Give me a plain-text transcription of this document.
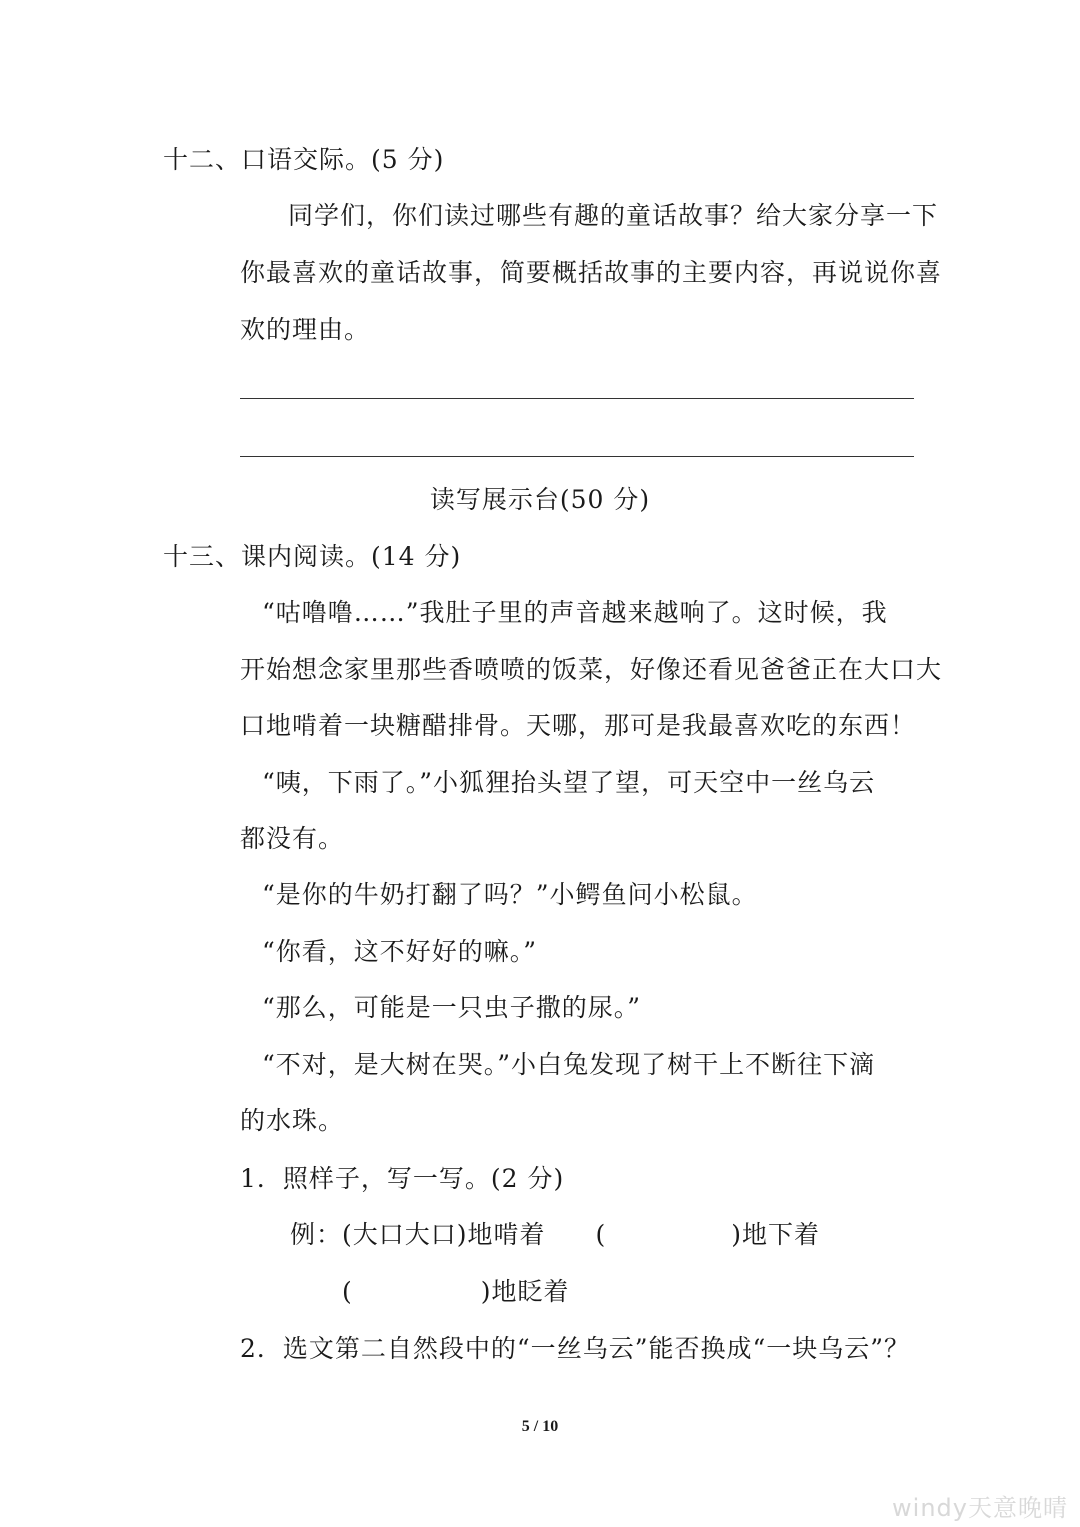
十二、口语交际。(5 分)
同学们，你们读过哪些有趣的童话故事？给大家分享一下
你最喜欢的童话故事，简要概括故事的主要内容，再说说你喜
欢的理由。
读写展示台(50 分)
十三、课内阅读。(14 分)
“咕噜噜……”我肚子里的声音越来越响了。这时候，我
开始想念家里那些香喷喷的饭菜，好像还看见爸爸正在大口大
口地啃着一块糖醋排骨。天哪，那可是我最喜欢吃的东西！
“咦，下雨了。”小狐狸抬头望了望，可天空中一丝乌云
都没有。
“是你的牛奶打翻了吗？”小鳄鱼问小松鼠。
“你看，这不好好的嘛。”
“那么，可能是一只虫子撒的尿。”
“不对，是大树在哭。”小白兔发现了树干上不断往下滴
的水珠。
1．照样子，写一写。(2 分)
例：(大口大口)地啃着 (	)地下着
(	)地眨着
2．选文第二自然段中的“一丝乌云”能否换成“一块乌云”？
5 / 10
windy天意晚晴
